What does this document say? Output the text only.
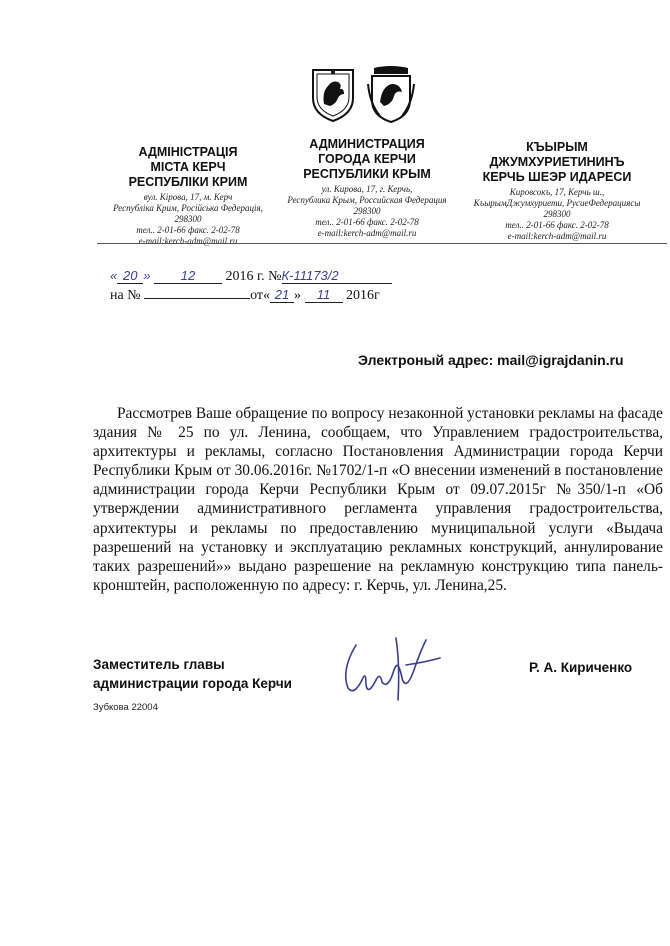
АДМІНІСТРАЦІЯ
МІСТА КЕРЧ
РЕСПУБЛІКИ КРИМ
вул. Кірова, 17, м. Керч
Республіка Крим, Російська Федерація,
298300
тел.. 2-01-66 факс. 2-02-78
e-mail:kerch-adm@mail.ru
АДМИНИСТРАЦИЯ
ГОРОДА КЕРЧИ
РЕСПУБЛИКИ КРЫМ
ул. Кирова, 17, г. Керчь,
Республика Крым, Российская Федерация
298300
тел.. 2-01-66 факс. 2-02-78
e-mail:kerch-adm@mail.ru
КЪЫРЫМ
ДЖУМХУРИЕТИНИНЪ
КЕРЧЬ ШЕЭР ИДАРЕСИ
Кировсокъ, 17, Керчь ш.,
КъырымДжумхуриети, РусиеФедерациясы
298300
тел.. 2-01-66 факс. 2-02-78
e-mail:kerch-adm@mail.ru
« 20 » 12 2016 г. №К-11173/2
на №	от« 21 » 11 2016г
Электроный адрес: mail@igrajdanin.ru
Рассмотрев Ваше обращение по вопросу незаконной установки рекламы на фасаде здания № 25 по ул. Ленина, сообщаем, что Управлением градостроительства, архитектуры и рекламы, согласно Постановления Администрации города Керчи Республики Крым от 30.06.2016г. №1702/1-п «О внесении изменений в постановление администрации города Керчи Республики Крым от 09.07.2015г №350/1-п «Об утверждении административного регламента управления градостроительства, архитектуры и рекламы по предоставлению муниципальной услуги «Выдача разрешений на установку и эксплуатацию рекламных конструкций, аннулирование таких разрешений»» выдано разрешение на рекламную конструкцию типа панель-кронштейн, расположенную по адресу: г. Керчь, ул. Ленина,25.
Заместитель главы
администрации города Керчи
Р. А. Кириченко
Зубкова 22004
